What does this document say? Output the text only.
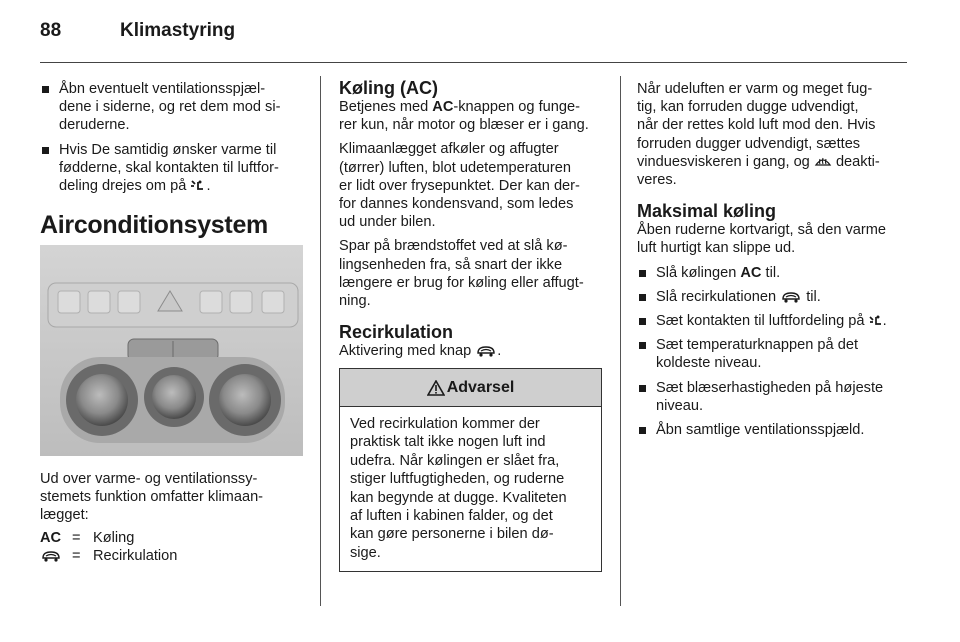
88	Klimastyring
Åbn eventuelt ventilationsspjæl-
dene i siderne, og ret dem mod si-
deruderne.
Hvis De samtidig ønsker varme til
fødderne, skal kontakten til luftfor-
deling drejes om på .
Airconditionsystem
Ud over varme- og ventilationssy-
stemets funktion omfatter klimaan-
lægget:
AC = Køling
= Recirkulation
Køling (AC)
Betjenes med AC-knappen og funge-
rer kun, når motor og blæser er i gang.
Klimaanlægget afkøler og affugter
(tørrer) luften, blot udetemperaturen
er lidt over frysepunktet. Der kan der-
for dannes kondensvand, som ledes
ud under bilen.
Spar på brændstoffet ved at slå kø-
lingsenheden fra, så snart der ikke
længere er brug for køling eller affugt-
ning.
Recirkulation
Aktivering med knap .
Advarsel
Ved recirkulation kommer der
praktisk talt ikke nogen luft ind
udefra. Når kølingen er slået fra,
stiger luftfugtigheden, og ruderne
kan begynde at dugge. Kvaliteten
af luften i kabinen falder, og det
kan gøre personerne i bilen dø-
sige.
Når udeluften er varm og meget fug-
tig, kan forruden dugge udvendigt,
når der rettes kold luft mod den. Hvis
forruden dugger udvendigt, sættes
vinduesviskeren i gang, og deakti-
veres.
Maksimal køling
Åben ruderne kortvarigt, så den varme
luft hurtigt kan slippe ud.
Slå kølingen AC til.
Slå recirkulationen til.
Sæt kontakten til luftfordeling på .
Sæt temperaturknappen på det
koldeste niveau.
Sæt blæserhastigheden på højeste
niveau.
Åbn samtlige ventilationsspjæld.
